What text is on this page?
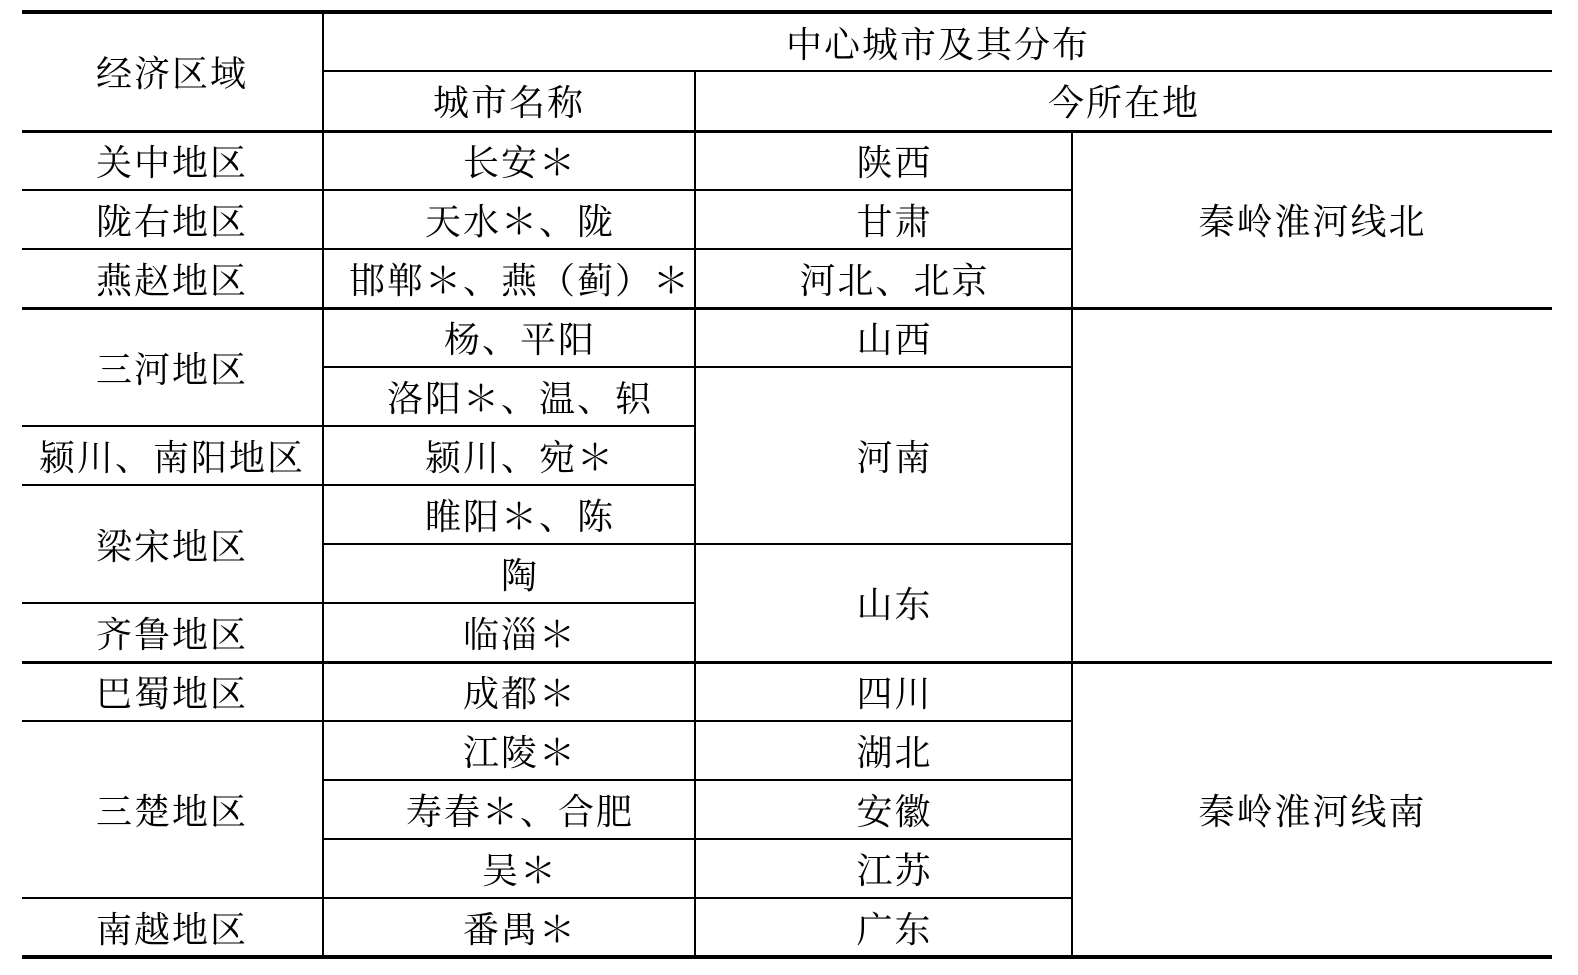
经济区域	中心城市及其分布		
	城市名称	今所在地	
关中地区	长安＊	陕西	秦岭淮河线北
陇右地区	天水＊、陇	甘肃	
燕赵地区	邯郸＊、燕（蓟）＊	河北、北京	
三河地区	杨、平阳	山西	
	洛阳＊、温、轵	河南	
颍川、南阳地区	颍川、宛＊		
梁宋地区	睢阳＊、陈		
	陶	山东	
齐鲁地区	临淄＊		
巴蜀地区	成都＊	四川	秦岭淮河线南
三楚地区	江陵＊	湖北	
	寿春＊、合肥	安徽	
	吴＊	江苏	
南越地区	番禺＊	广东	
